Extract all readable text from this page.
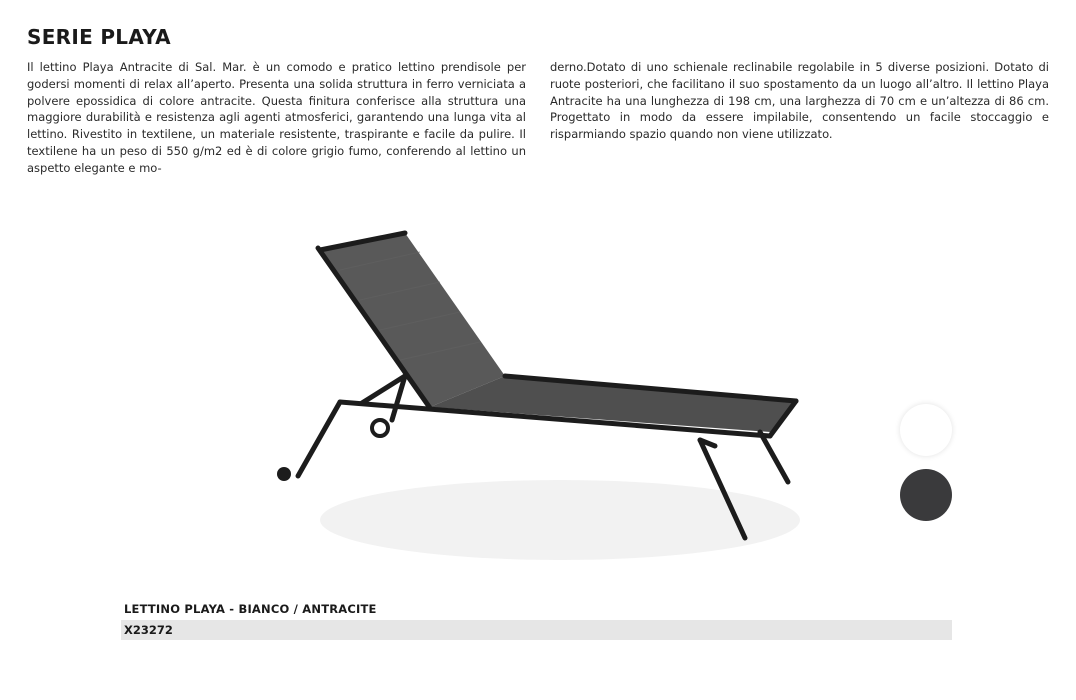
SERIE PLAYA

Il lettino Playa Antracite di Sal. Mar. è un comodo e pratico lettino prendisole per godersi momenti di relax all’aperto. Presenta una solida struttura in ferro verniciata a polvere epossidica di colore antracite. Questa finitura conferisce alla struttura una maggiore durabilità e resistenza agli agenti atmosferici, garantendo una lunga vita al lettino. Rivestito in textilene, un materiale resistente, traspirante e facile da pulire. Il textilene ha un peso di 550 g/m2 ed è di colore grigio fumo, conferendo al lettino un aspetto elegante e mo-

derno.Dotato di uno schienale reclinabile regolabile in 5 diverse posizioni. Dotato di ruote posteriori, che facilitano il suo spostamento da un luogo all’altro. Il lettino Playa Antracite ha una lunghezza di 198 cm, una larghezza di 70 cm e un’altezza di 86 cm. Progettato in modo da essere impilabile, consentendo un facile stoccaggio e risparmiando spazio quando non viene utilizzato.

LETTINO PLAYA - BIANCO / ANTRACITE

X23272
